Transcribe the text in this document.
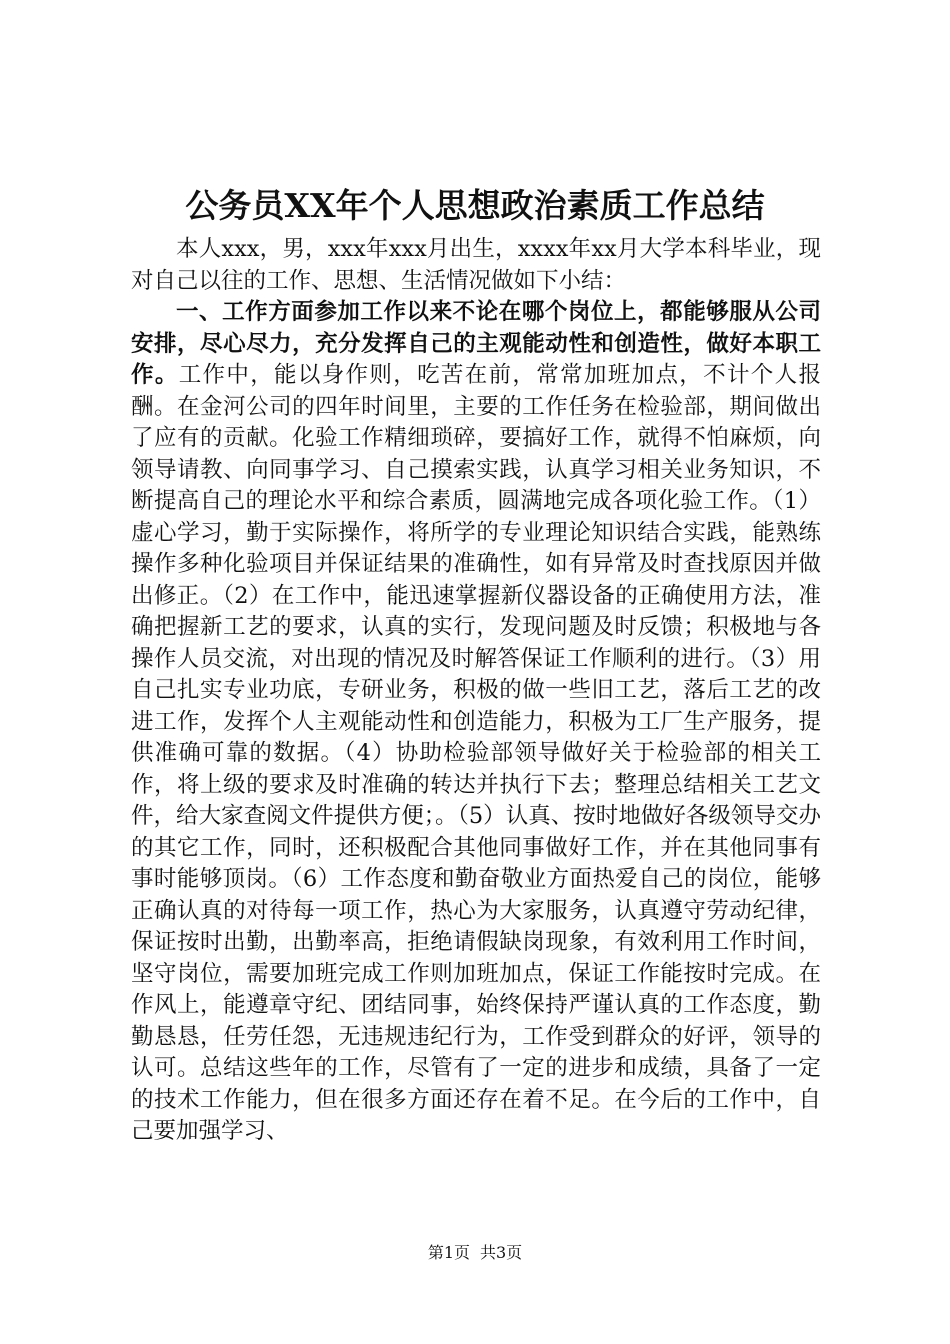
公务员XX年个人思想政治素质工作总结

本人xxx，男，xxx年xxx月出生，xxxx年xx月大学本科毕业，现对自己以往的工作、思想、生活情况做如下小结：

一、工作方面参加工作以来不论在哪个岗位上，都能够服从公司安排，尽心尽力，充分发挥自己的主观能动性和创造性，做好本职工作。工作中，能以身作则，吃苦在前，常常加班加点，不计个人报酬。在金河公司的四年时间里，主要的工作任务在检验部，期间做出了应有的贡献。化验工作精细琐碎，要搞好工作，就得不怕麻烦，向领导请教、向同事学习、自己摸索实践，认真学习相关业务知识，不断提高自己的理论水平和综合素质，圆满地完成各项化验工作。（1）虚心学习，勤于实际操作，将所学的专业理论知识结合实践，能熟练操作多种化验项目并保证结果的准确性，如有异常及时查找原因并做出修正。（2）在工作中，能迅速掌握新仪器设备的正确使用方法，准确把握新工艺的要求，认真的实行，发现问题及时反馈；积极地与各操作人员交流，对出现的情况及时解答保证工作顺利的进行。（3）用自己扎实专业功底，专研业务，积极的做一些旧工艺，落后工艺的改进工作，发挥个人主观能动性和创造能力，积极为工厂生产服务，提供准确可靠的数据。（4）协助检验部领导做好关于检验部的相关工作，将上级的要求及时准确的转达并执行下去；整理总结相关工艺文件，给大家查阅文件提供方便；。（5）认真、按时地做好各级领导交办的其它工作，同时，还积极配合其他同事做好工作，并在其他同事有事时能够顶岗。（6）工作态度和勤奋敬业方面热爱自己的岗位，能够正确认真的对待每一项工作，热心为大家服务，认真遵守劳动纪律，保证按时出勤，出勤率高，拒绝请假缺岗现象，有效利用工作时间，坚守岗位，需要加班完成工作则加班加点，保证工作能按时完成。在作风上，能遵章守纪、团结同事，始终保持严谨认真的工作态度，勤勤恳恳，任劳任怨，无违规违纪行为，工作受到群众的好评，领导的认可。总结这些年的工作，尽管有了一定的进步和成绩，具备了一定的技术工作能力，但在很多方面还存在着不足。在今后的工作中，自己要加强学习、

第1页 共3页
